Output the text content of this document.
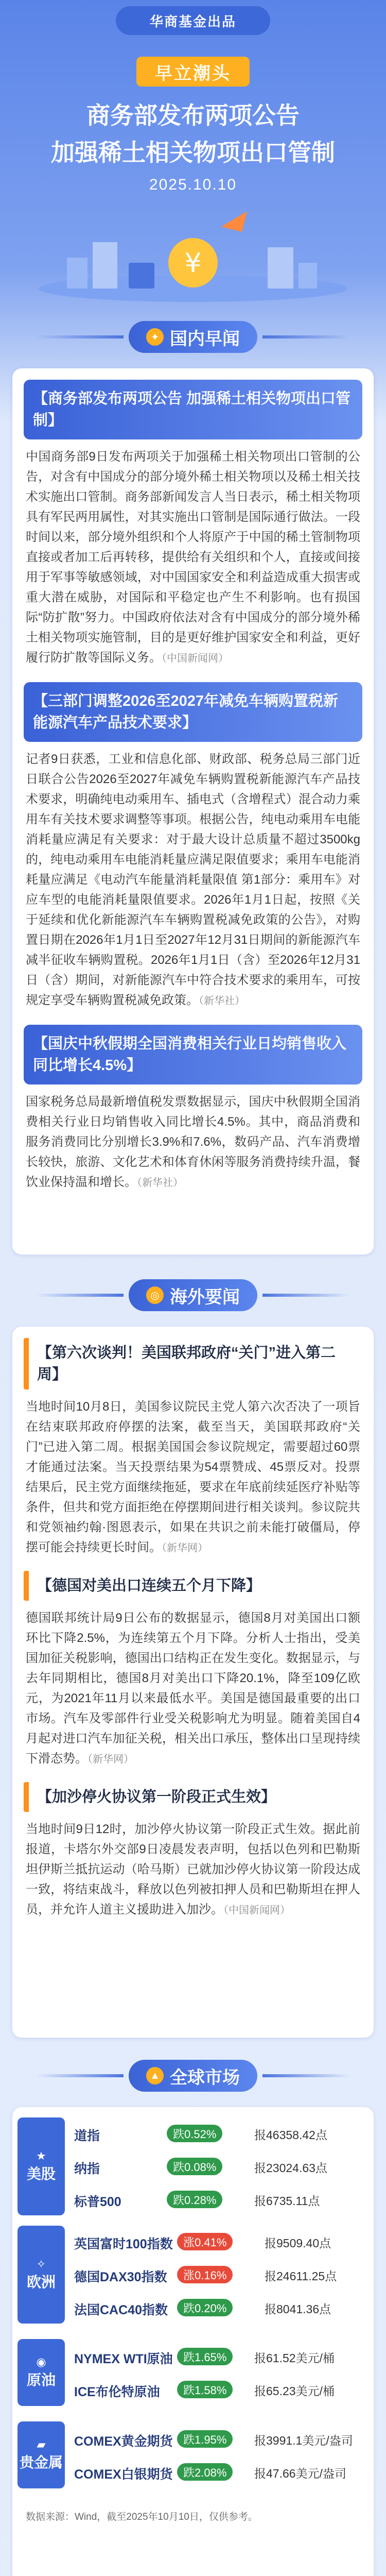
华商基金出品
早立潮头
商务部发布两项公告
加强稀土相关物项出口管制
2025.10.10
¥
✦ 国内早闻
【商务部发布两项公告 加强稀土相关物项出口管制】
中国商务部9日发布两项关于加强稀土相关物项出口管制的公告，对含有中国成分的部分境外稀土相关物项以及稀土相关技术实施出口管制。商务部新闻发言人当日表示，稀土相关物项具有军民两用属性，对其实施出口管制是国际通行做法。一段时间以来，部分境外组织和个人将原产于中国的稀土管制物项直接或者加工后再转移，提供给有关组织和个人，直接或间接用于军事等敏感领域，对中国国家安全和利益造成重大损害或重大潜在威胁，对国际和平稳定也产生不利影响。也有损国际“防扩散”努力。中国政府依法对含有中国成分的部分境外稀土相关物项实施管制，目的是更好维护国家安全和利益，更好履行防扩散等国际义务。（中国新闻网）
【三部门调整2026至2027年减免车辆购置税新能源汽车产品技术要求】
记者9日获悉，工业和信息化部、财政部、税务总局三部门近日联合公告2026至2027年减免车辆购置税新能源汽车产品技术要求，明确纯电动乘用车、插电式（含增程式）混合动力乘用车有关技术要求调整等事项。根据公告，纯电动乘用车电能消耗量应满足有关要求：对于最大设计总质量不超过3500kg的，纯电动乘用车电能消耗量应满足限值要求；乘用车电能消耗量应满足《电动汽车能量消耗量限值 第1部分：乘用车》对应车型的电能消耗量限值要求。2026年1月1日起，按照《关于延续和优化新能源汽车车辆购置税减免政策的公告》，对购置日期在2026年1月1日至2027年12月31日期间的新能源汽车减半征收车辆购置税。2026年1月1日（含）至2026年12月31日（含）期间，对新能源汽车中符合技术要求的乘用车，可按规定享受车辆购置税减免政策。（新华社）
【国庆中秋假期全国消费相关行业日均销售收入同比增长4.5%】
国家税务总局最新增值税发票数据显示，国庆中秋假期全国消费相关行业日均销售收入同比增长4.5%。其中，商品消费和服务消费同比分别增长3.9%和7.6%，数码产品、汽车消费增长较快，旅游、文化艺术和体育休闲等服务消费持续升温，餐饮业保持温和增长。（新华社）
◎ 海外要闻
【第六次谈判！美国联邦政府“关门”进入第二周】
当地时间10月8日，美国参议院民主党人第六次否决了一项旨在结束联邦政府停摆的法案，截至当天，美国联邦政府“关门”已进入第二周。根据美国国会参议院规定，需要超过60票才能通过法案。当天投票结果为54票赞成、45票反对。投票结果后，民主党方面继续拖延，要求在年底前续延医疗补贴等条件，但共和党方面拒绝在停摆期间进行相关谈判。参议院共和党领袖约翰·图恩表示，如果在共识之前未能打破僵局，停摆可能会持续更长时间。（新华网）
【德国对美出口连续五个月下降】
德国联邦统计局9日公布的数据显示，德国8月对美国出口额环比下降2.5%，为连续第五个月下降。分析人士指出，受美国加征关税影响，德国出口结构正在发生变化。数据显示，与去年同期相比，德国8月对美出口下降20.1%，降至109亿欧元，为2021年11月以来最低水平。美国是德国最重要的出口市场。汽车及零部件行业受关税影响尤为明显。随着美国自4月起对进口汽车加征关税，相关出口承压，整体出口呈现持续下滑态势。（新华网）
【加沙停火协议第一阶段正式生效】
当地时间9日12时，加沙停火协议第一阶段正式生效。据此前报道，卡塔尔外交部9日凌晨发表声明，包括以色列和巴勒斯坦伊斯兰抵抗运动（哈马斯）已就加沙停火协议第一阶段达成一致，将结束战斗，释放以色列被扣押人员和巴勒斯坦在押人员，并允许人道主义援助进入加沙。（中国新闻网）
▲ 全球市场
★
美股
道指	跌0.52%	报46358.42点
纳指	跌0.08%	报23024.63点
标普500	跌0.28%	报6735.11点
✧
欧洲
英国富时100指数 涨0.41%	报9509.40点
德国DAX30指数	涨0.16%	报24611.25点
法国CAC40指数	跌0.20%	报8041.36点
◉
原油
NYMEX WTI原油 跌1.65%	报61.52美元/桶
ICE布伦特原油	跌1.58%	报65.23美元/桶
▰
贵金属
COMEX黄金期货 跌1.95%	报3991.1美元/盎司
COMEX白银期货 跌2.08%	报47.66美元/盎司
数据来源：Wind，截至2025年10月10日，仅供参考。
